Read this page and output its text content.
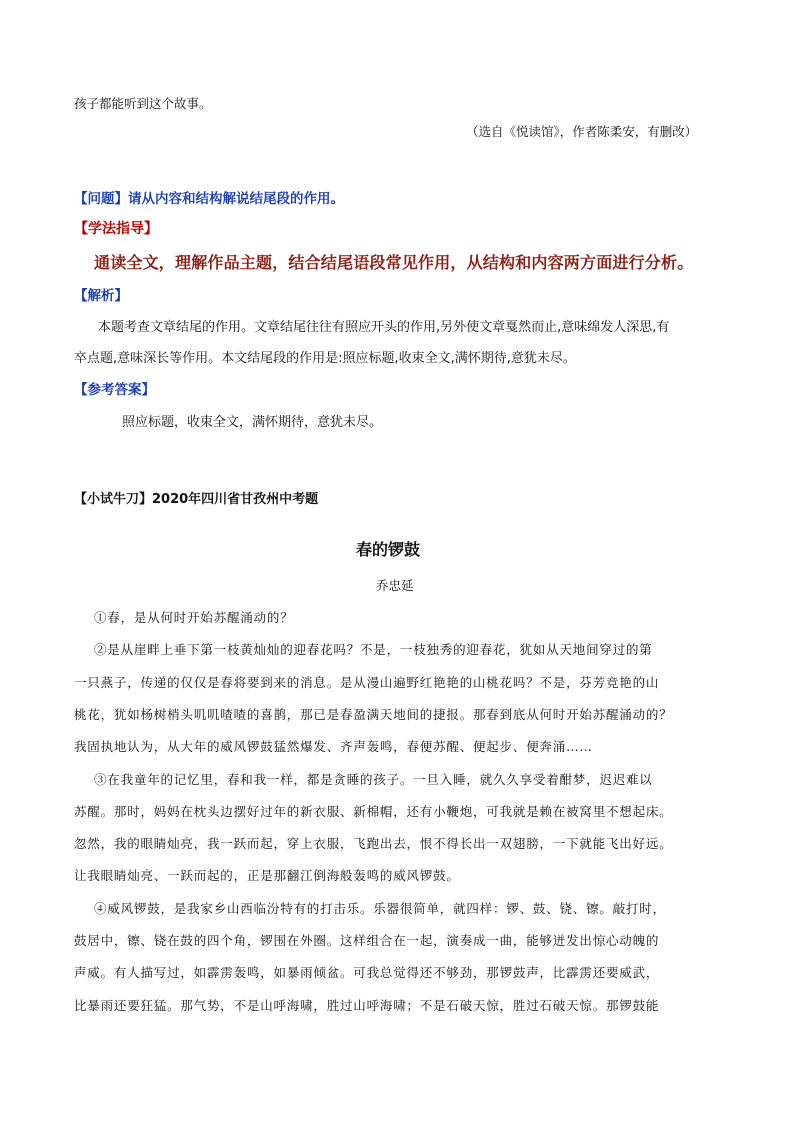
孩子都能听到这个故事。
（选自《悦读馆》，作者陈柔安，有删改）
【问题】请从内容和结构解说结尾段的作用。
【学法指导】
通读全文，理解作品主题，结合结尾语段常见作用，从结构和内容两方面进行分析。
【解析】
本题考查文章结尾的作用。文章结尾往往有照应开头的作用,另外使文章戛然而止,意味绵发人深思,有
卒点题,意味深长等作用。本文结尾段的作用是:照应标题,收束全文,满怀期待,意犹未尽。
【参考答案】
照应标题，收束全文，满怀期待，意犹未尽。
【小试牛刀】2020年四川省甘孜州中考题
春的锣鼓
乔忠延
①春，是从何时开始苏醒涌动的？
②是从崖畔上垂下第一枝黄灿灿的迎春花吗？不是，一枝独秀的迎春花，犹如从天地间穿过的第
一只燕子，传递的仅仅是春将要到来的消息。是从漫山遍野红艳艳的山桃花吗？不是，芬芳竞艳的山
桃花，犹如杨树梢头叽叽喳喳的喜鹊，那已是春盈满天地间的捷报。那春到底从何时开始苏醒涌动的？
我固执地认为，从大年的威风锣鼓猛然爆发、齐声轰鸣，春便苏醒、便起步、便奔涌……
③在我童年的记忆里，春和我一样，都是贪睡的孩子。一旦入睡，就久久享受着酣梦，迟迟难以
苏醒。那时，妈妈在枕头边摆好过年的新衣服、新棉帽，还有小鞭炮，可我就是赖在被窝里不想起床。
忽然，我的眼睛灿亮，我一跃而起，穿上衣服，飞跑出去，恨不得长出一双翅膀，一下就能飞出好远。
让我眼睛灿亮、一跃而起的，正是那翻江倒海般轰鸣的威风锣鼓。
④威风锣鼓，是我家乡山西临汾特有的打击乐。乐器很简单，就四样：锣、鼓、铙、镲。敲打时，
鼓居中，镲、铙在鼓的四个角，锣围在外圈。这样组合在一起，演奏成一曲，能够迸发出惊心动魄的
声威。有人描写过，如霹雳轰鸣，如暴雨倾盆。可我总觉得还不够劲，那锣鼓声，比霹雳还要威武，
比暴雨还要狂猛。那气势，不是山呼海啸，胜过山呼海啸；不是石破天惊，胜过石破天惊。那锣鼓能
